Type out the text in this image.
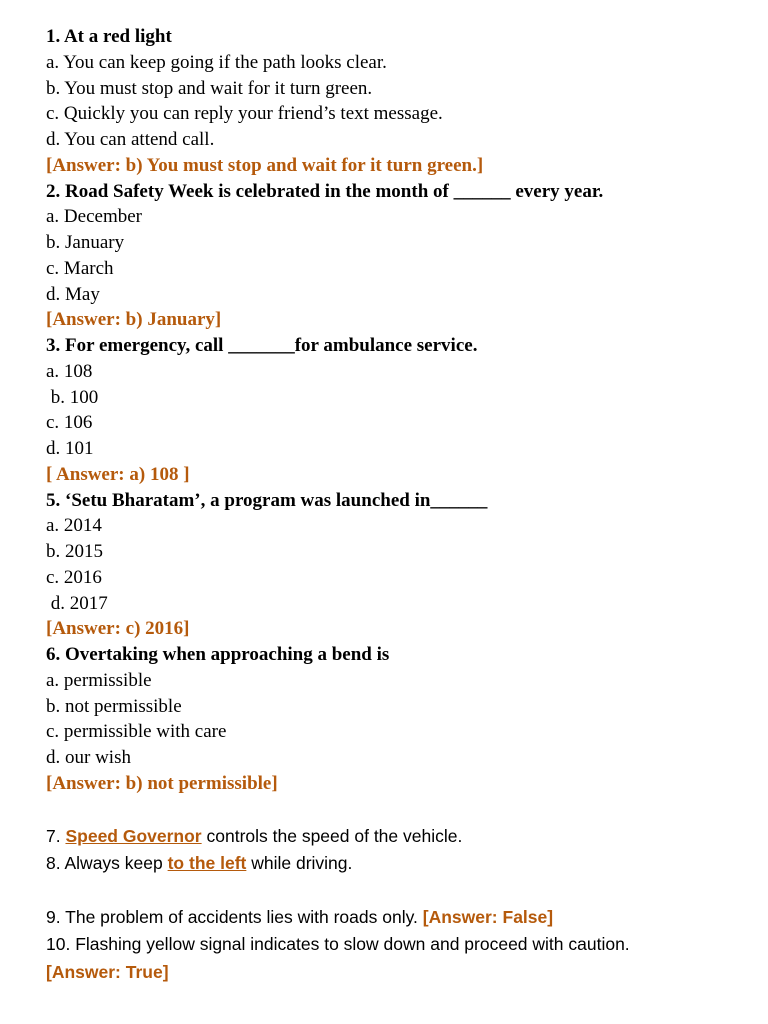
1. At a red light

a. You can keep going if the path looks clear.

b. You must stop and wait for it turn green.

c. Quickly you can reply your friend’s text message.

d. You can attend call.

[Answer: b) You must stop and wait for it turn green.]

2. Road Safety Week is celebrated in the month of ______ every year.

a. December

b. January

c. March

d. May

[Answer: b) January]

3. For emergency, call _______for ambulance service.

a. 108

b. 100

c. 106

d. 101

[ Answer: a) 108 ]

5. ‘Setu Bharatam’, a program was launched in______

a. 2014

b. 2015

c. 2016

d. 2017

[Answer: c) 2016]

6. Overtaking when approaching a bend is

a. permissible

b. not permissible

c. permissible with care

d. our wish

[Answer: b) not permissible]

7. Speed Governor controls the speed of the vehicle.

8. Always keep to the left while driving.

9. The problem of accidents lies with roads only. [Answer: False]

10. Flashing yellow signal indicates to slow down and proceed with caution.

[Answer: True]
